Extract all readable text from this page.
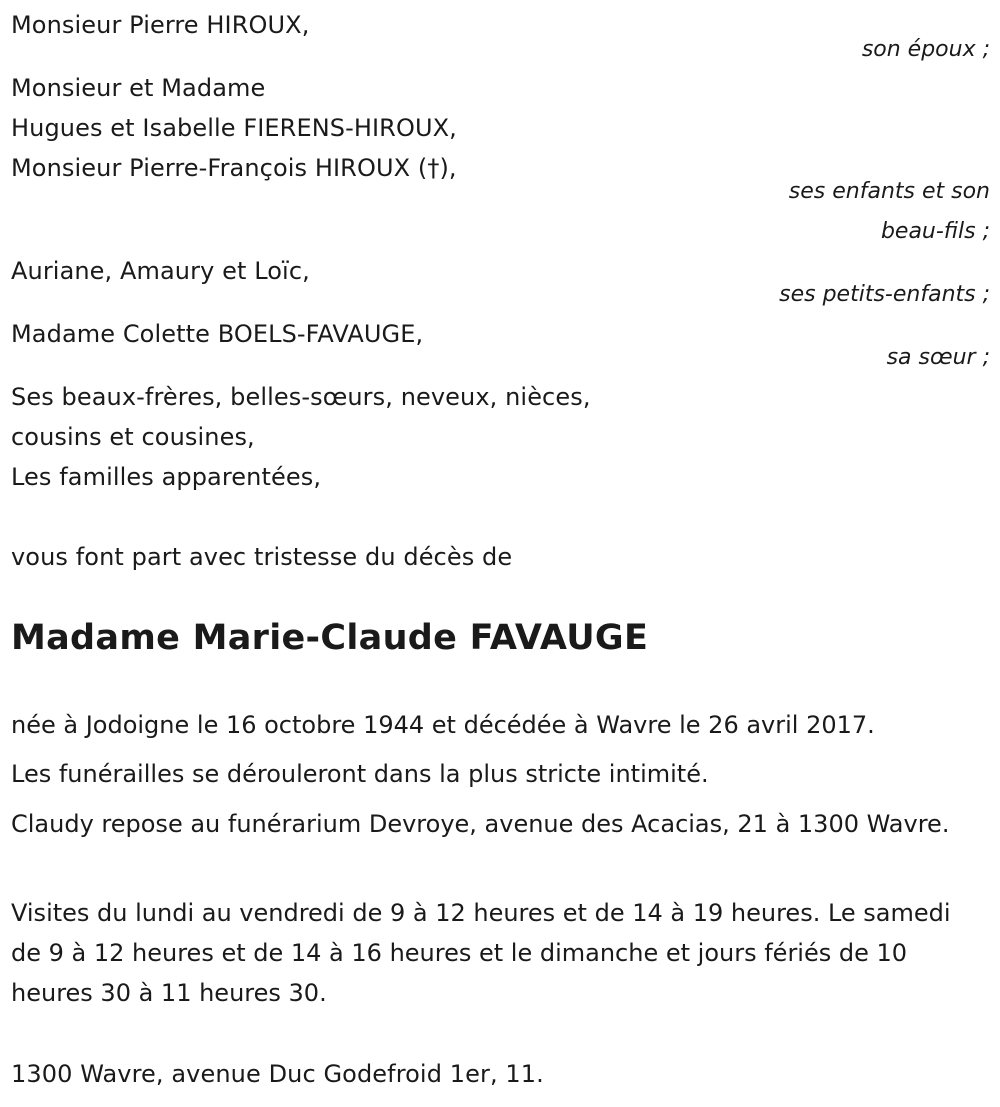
Monsieur Pierre HIROUX,
son époux ;
Monsieur et Madame
Hugues et Isabelle FIERENS-HIROUX,
Monsieur Pierre-François HIROUX (†),
ses enfants et son
beau-fils ;
Auriane, Amaury et Loïc,
ses petits-enfants ;
Madame Colette BOELS-FAVAUGE,
sa sœur ;
Ses beaux-frères, belles-sœurs, neveux, nièces,
cousins et cousines,
Les familles apparentées,
vous font part avec tristesse du décès de
Madame Marie-Claude FAVAUGE
née à Jodoigne le 16 octobre 1944 et décédée à Wavre le 26 avril 2017.
Les funérailles se dérouleront dans la plus stricte intimité.
Claudy repose au funérarium Devroye, avenue des Acacias, 21 à 1300 Wavre.
Visites du lundi au vendredi de 9 à 12 heures et de 14 à 19 heures. Le samedi de 9 à 12 heures et de 14 à 16 heures et le dimanche et jours fériés de 10 heures 30 à 11 heures 30.
1300 Wavre, avenue Duc Godefroid 1er, 11.
